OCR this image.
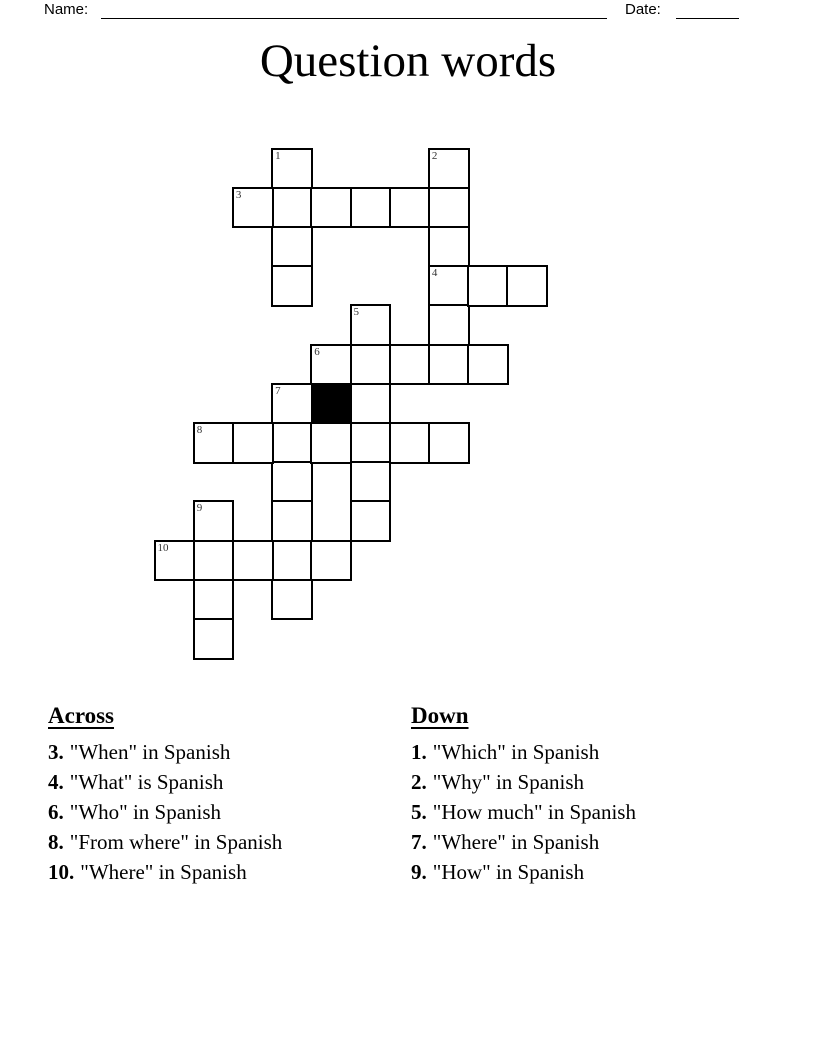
Name:	Date:
Question words
1	2
4
3
5
6
7
8
9
10
Across
3. "When" in Spanish
4. "What" is Spanish
6. "Who" in Spanish
8. "From where" in Spanish
10. "Where" in Spanish
Down
1. "Which" in Spanish
2. "Why" in Spanish
5. "How much" in Spanish
7. "Where" in Spanish
9. "How" in Spanish
